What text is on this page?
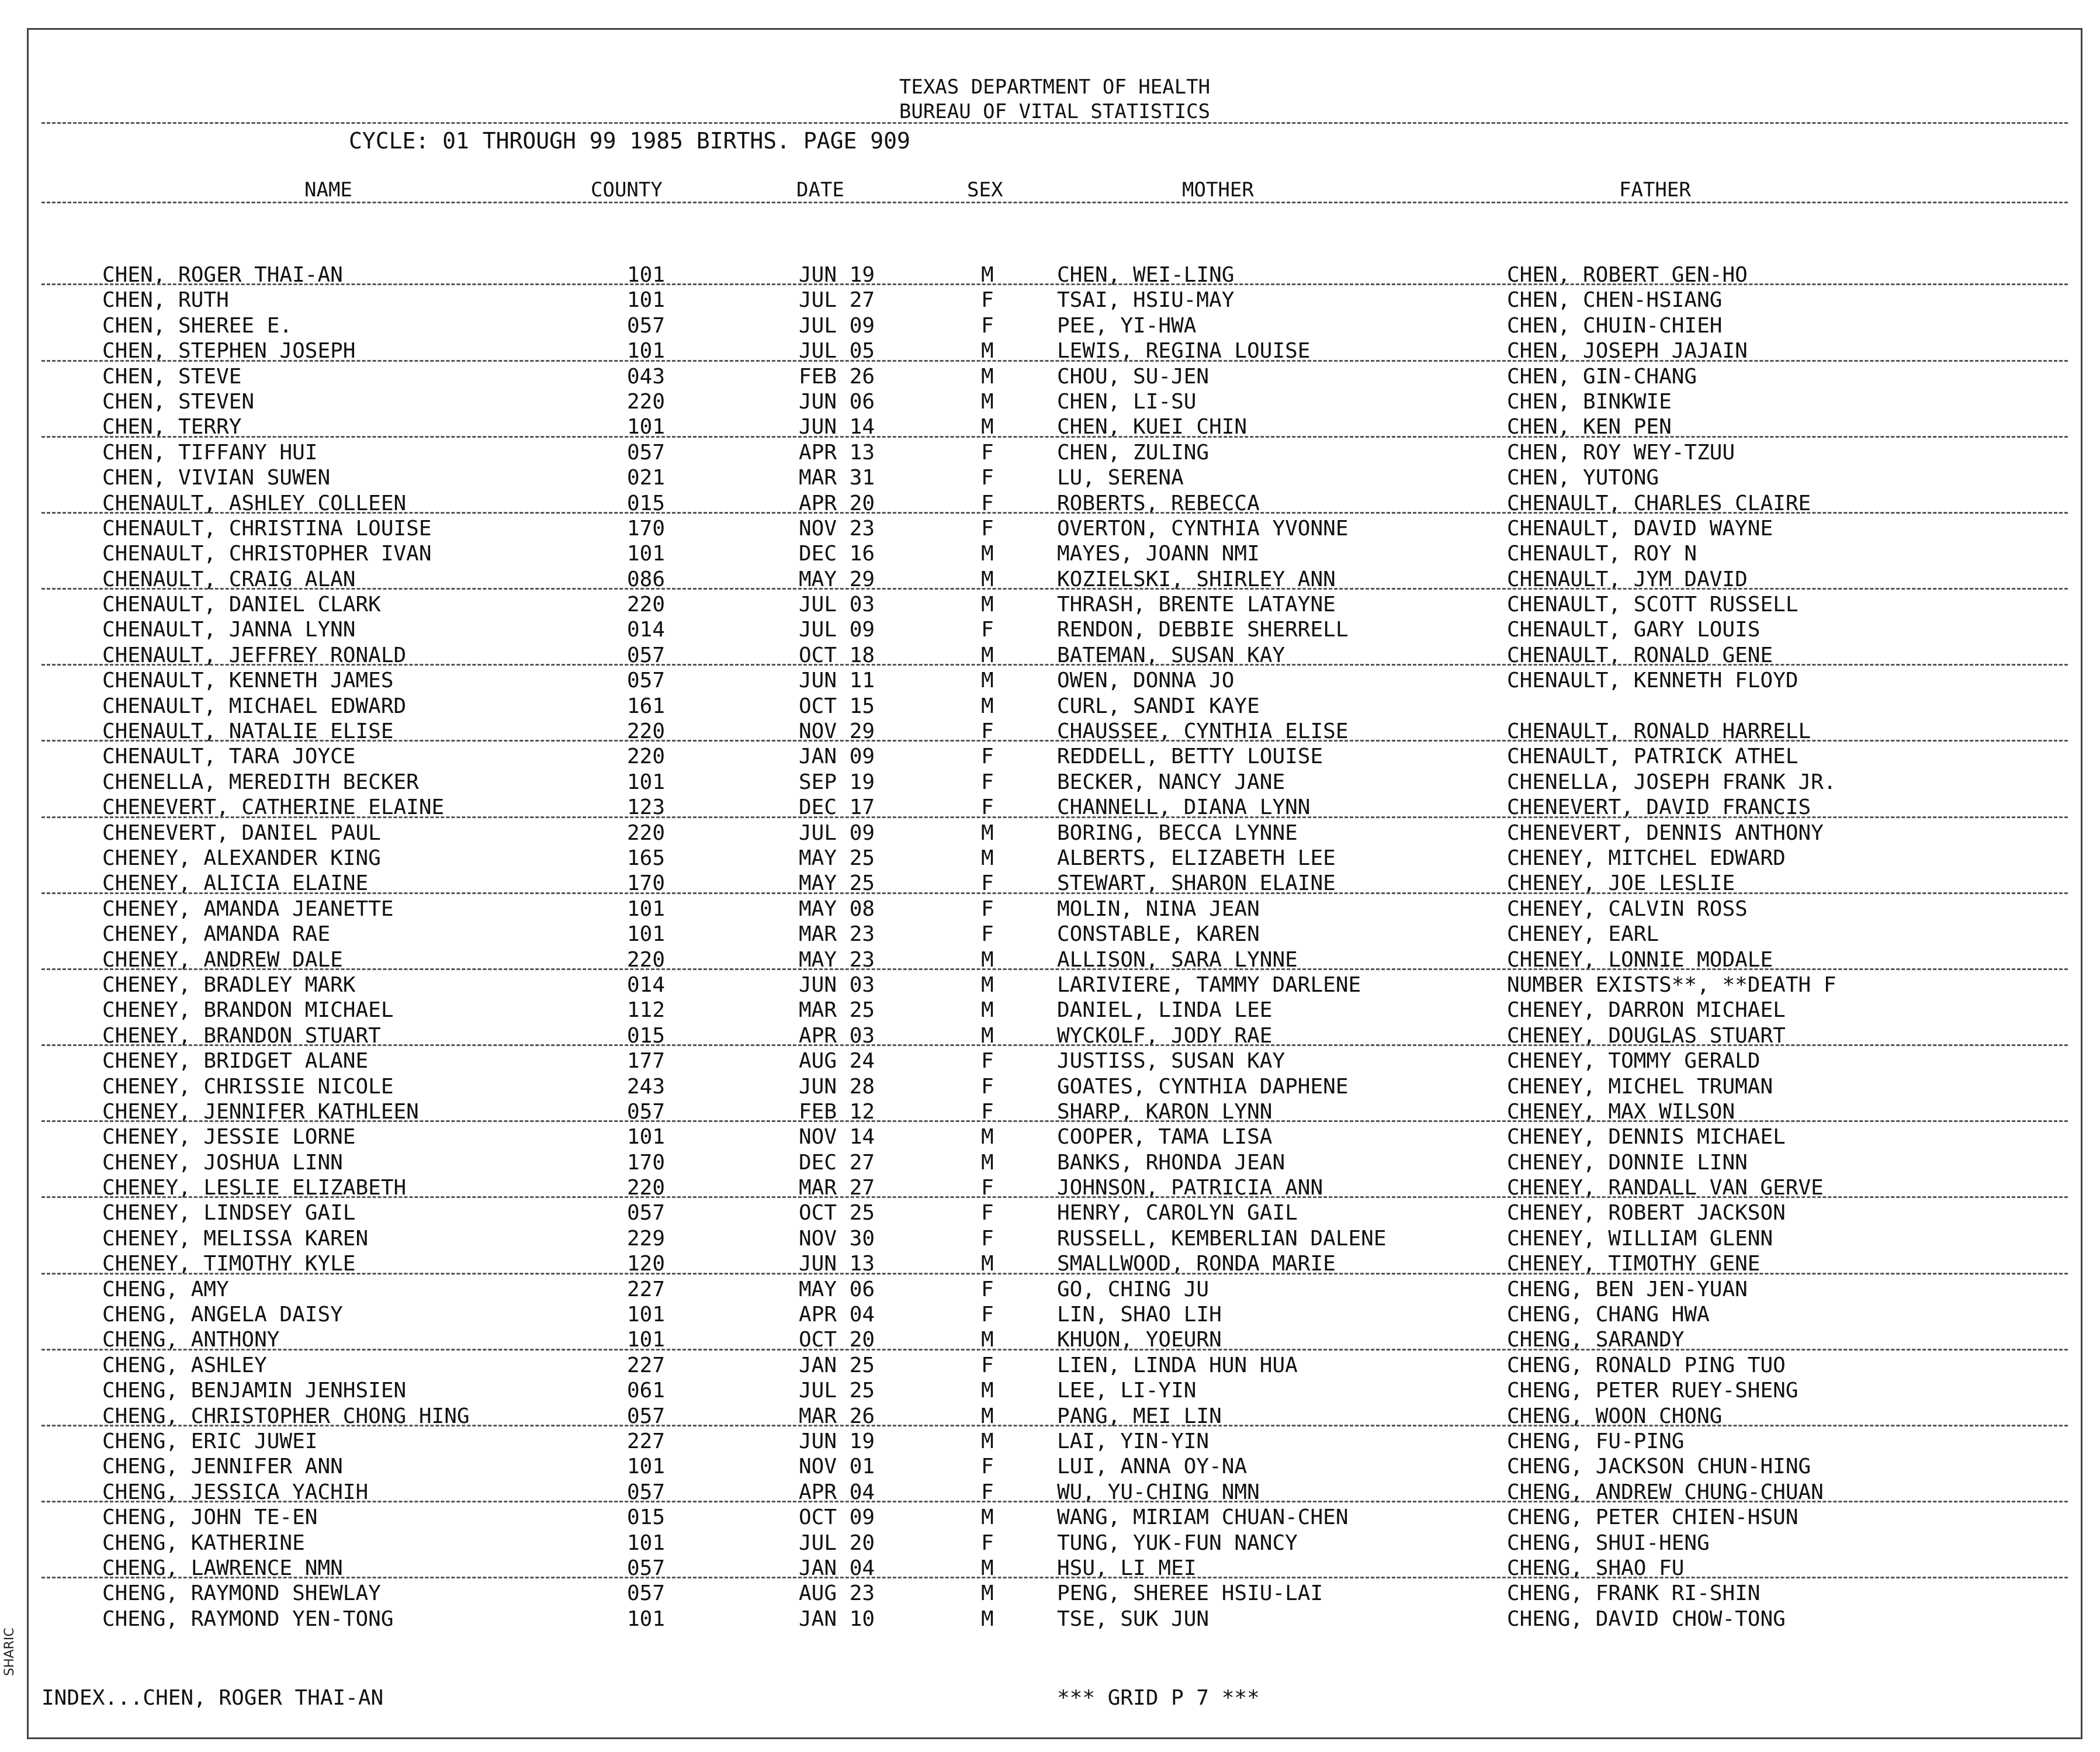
TEXAS DEPARTMENT OF HEALTH
BUREAU OF VITAL STATISTICS
CYCLE: 01 THROUGH 99 1985 BIRTHS. PAGE 909
NAME	COUNTY	DATE	SEX	MOTHER	FATHER
CHEN, ROGER THAI-AN	101	JUN 19	M	CHEN, WEI-LING	CHEN, ROBERT GEN-HO
CHEN, RUTH	101	JUL 27	F	TSAI, HSIU-MAY	CHEN, CHEN-HSIANG
CHEN, SHEREE E.	057	JUL 09	F	PEE, YI-HWA	CHEN, CHUIN-CHIEH
CHEN, STEPHEN JOSEPH	101	JUL 05	M	LEWIS, REGINA LOUISE	CHEN, JOSEPH JAJAIN
CHEN, STEVE	043	FEB 26	M	CHOU, SU-JEN	CHEN, GIN-CHANG
CHEN, STEVEN	220	JUN 06	M	CHEN, LI-SU	CHEN, BINKWIE
CHEN, TERRY	101	JUN 14	M	CHEN, KUEI CHIN	CHEN, KEN PEN
CHEN, TIFFANY HUI	057	APR 13	F	CHEN, ZULING	CHEN, ROY WEY-TZUU
CHEN, VIVIAN SUWEN	021	MAR 31	F	LU, SERENA	CHEN, YUTONG
CHENAULT, ASHLEY COLLEEN	015	APR 20	F	ROBERTS, REBECCA	CHENAULT, CHARLES CLAIRE
CHENAULT, CHRISTINA LOUISE	170	NOV 23	F	OVERTON, CYNTHIA YVONNE	CHENAULT, DAVID WAYNE
CHENAULT, CHRISTOPHER IVAN	101	DEC 16	M	MAYES, JOANN NMI	CHENAULT, ROY N
CHENAULT, CRAIG ALAN	086	MAY 29	M	KOZIELSKI, SHIRLEY ANN	CHENAULT, JYM DAVID
CHENAULT, DANIEL CLARK	220	JUL 03	M	THRASH, BRENTE LATAYNE	CHENAULT, SCOTT RUSSELL
CHENAULT, JANNA LYNN	014	JUL 09	F	RENDON, DEBBIE SHERRELL	CHENAULT, GARY LOUIS
CHENAULT, JEFFREY RONALD	057	OCT 18	M	BATEMAN, SUSAN KAY	CHENAULT, RONALD GENE
CHENAULT, KENNETH JAMES	057	JUN 11	M	OWEN, DONNA JO	CHENAULT, KENNETH FLOYD
CHENAULT, MICHAEL EDWARD	161	OCT 15	M	CURL, SANDI KAYE
CHENAULT, NATALIE ELISE	220	NOV 29	F	CHAUSSEE, CYNTHIA ELISE	CHENAULT, RONALD HARRELL
CHENAULT, TARA JOYCE	220	JAN 09	F	REDDELL, BETTY LOUISE	CHENAULT, PATRICK ATHEL
CHENELLA, MEREDITH BECKER	101	SEP 19	F	BECKER, NANCY JANE	CHENELLA, JOSEPH FRANK JR.
CHENEVERT, CATHERINE ELAINE	123	DEC 17	F	CHANNELL, DIANA LYNN	CHENEVERT, DAVID FRANCIS
CHENEVERT, DANIEL PAUL	220	JUL 09	M	BORING, BECCA LYNNE	CHENEVERT, DENNIS ANTHONY
CHENEY, ALEXANDER KING	165	MAY 25	M	ALBERTS, ELIZABETH LEE	CHENEY, MITCHEL EDWARD
CHENEY, ALICIA ELAINE	170	MAY 25	F	STEWART, SHARON ELAINE	CHENEY, JOE LESLIE
CHENEY, AMANDA JEANETTE	101	MAY 08	F	MOLIN, NINA JEAN	CHENEY, CALVIN ROSS
CHENEY, AMANDA RAE	101	MAR 23	F	CONSTABLE, KAREN	CHENEY, EARL
CHENEY, ANDREW DALE	220	MAY 23	M	ALLISON, SARA LYNNE	CHENEY, LONNIE MODALE
CHENEY, BRADLEY MARK	014	JUN 03	M	LARIVIERE, TAMMY DARLENE	NUMBER EXISTS**, **DEATH F
CHENEY, BRANDON MICHAEL	112	MAR 25	M	DANIEL, LINDA LEE	CHENEY, DARRON MICHAEL
CHENEY, BRANDON STUART	015	APR 03	M	WYCKOLF, JODY RAE	CHENEY, DOUGLAS STUART
CHENEY, BRIDGET ALANE	177	AUG 24	F	JUSTISS, SUSAN KAY	CHENEY, TOMMY GERALD
CHENEY, CHRISSIE NICOLE	243	JUN 28	F	GOATES, CYNTHIA DAPHENE	CHENEY, MICHEL TRUMAN
CHENEY, JENNIFER KATHLEEN	057	FEB 12	F	SHARP, KARON LYNN	CHENEY, MAX WILSON
CHENEY, JESSIE LORNE	101	NOV 14	M	COOPER, TAMA LISA	CHENEY, DENNIS MICHAEL
CHENEY, JOSHUA LINN	170	DEC 27	M	BANKS, RHONDA JEAN	CHENEY, DONNIE LINN
CHENEY, LESLIE ELIZABETH	220	MAR 27	F	JOHNSON, PATRICIA ANN	CHENEY, RANDALL VAN GERVE
CHENEY, LINDSEY GAIL	057	OCT 25	F	HENRY, CAROLYN GAIL	CHENEY, ROBERT JACKSON
CHENEY, MELISSA KAREN	229	NOV 30	F	RUSSELL, KEMBERLIAN DALENE	CHENEY, WILLIAM GLENN
CHENEY, TIMOTHY KYLE	120	JUN 13	M	SMALLWOOD, RONDA MARIE	CHENEY, TIMOTHY GENE
CHENG, AMY	227	MAY 06	F	GO, CHING JU	CHENG, BEN JEN-YUAN
CHENG, ANGELA DAISY	101	APR 04	F	LIN, SHAO LIH	CHENG, CHANG HWA
CHENG, ANTHONY	101	OCT 20	M	KHUON, YOEURN	CHENG, SARANDY
CHENG, ASHLEY	227	JAN 25	F	LIEN, LINDA HUN HUA	CHENG, RONALD PING TUO
CHENG, BENJAMIN JENHSIEN	061	JUL 25	M	LEE, LI-YIN	CHENG, PETER RUEY-SHENG
CHENG, CHRISTOPHER CHONG HING	057	MAR 26	M	PANG, MEI LIN	CHENG, WOON CHONG
CHENG, ERIC JUWEI	227	JUN 19	M	LAI, YIN-YIN	CHENG, FU-PING
CHENG, JENNIFER ANN	101	NOV 01	F	LUI, ANNA OY-NA	CHENG, JACKSON CHUN-HING
CHENG, JESSICA YACHIH	057	APR 04	F	WU, YU-CHING NMN	CHENG, ANDREW CHUNG-CHUAN
CHENG, JOHN TE-EN	015	OCT 09	M	WANG, MIRIAM CHUAN-CHEN	CHENG, PETER CHIEN-HSUN
CHENG, KATHERINE	101	JUL 20	F	TUNG, YUK-FUN NANCY	CHENG, SHUI-HENG
CHENG, LAWRENCE NMN	057	JAN 04	M	HSU, LI MEI	CHENG, SHAO FU
CHENG, RAYMOND SHEWLAY	057	AUG 23	M	PENG, SHEREE HSIU-LAI	CHENG, FRANK RI-SHIN
CHENG, RAYMOND YEN-TONG	101	JAN 10	M	TSE, SUK JUN	CHENG, DAVID CHOW-TONG
INDEX...CHEN, ROGER THAI-AN	*** GRID P 7 ***
SHARIC
